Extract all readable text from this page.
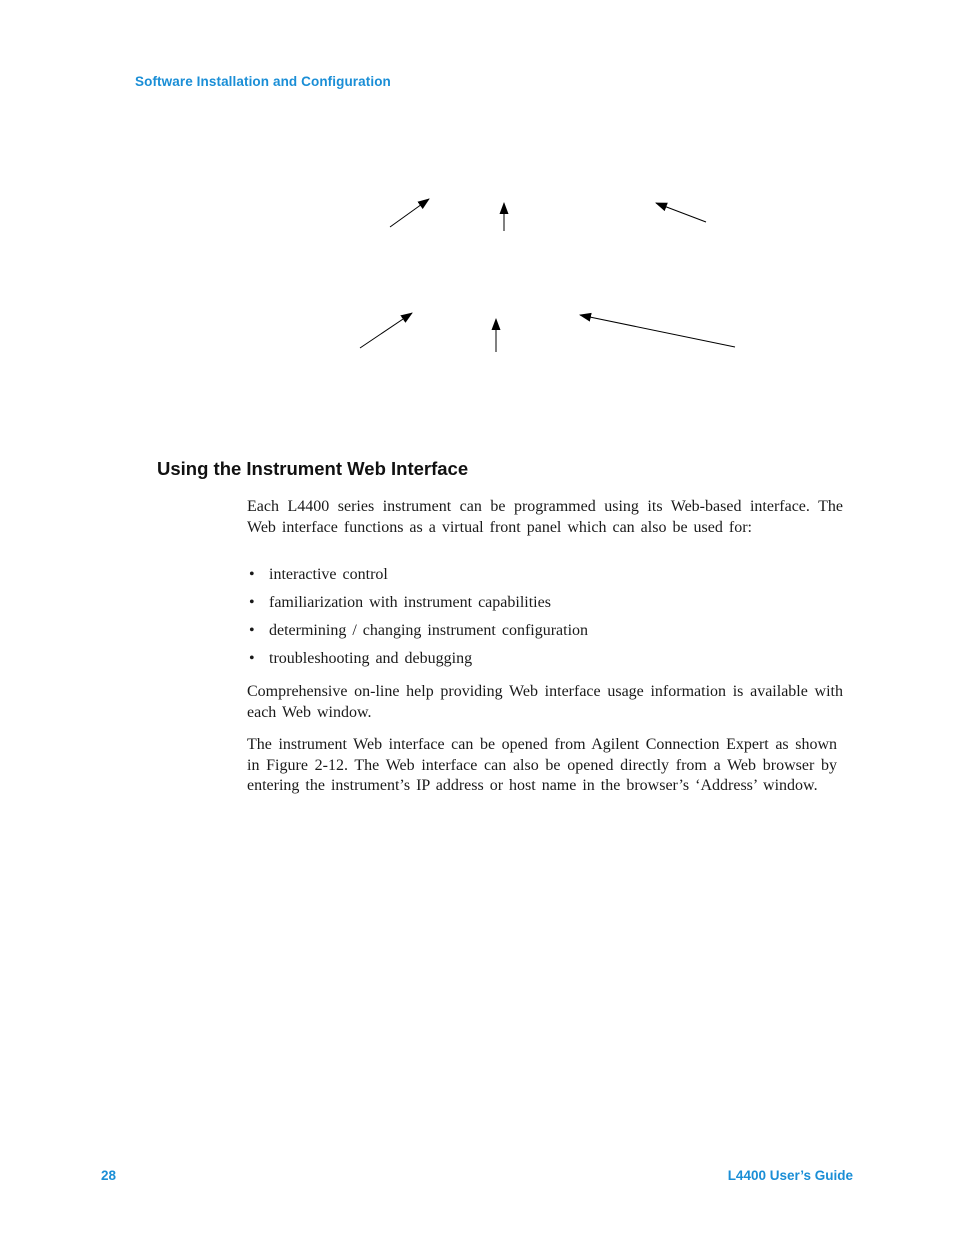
Software Installation and Configuration
Using the Instrument Web Interface

Each L4400 series instrument can be programmed using its Web-based interface. The Web interface functions as a virtual front panel which can also be used for:

• interactive control
• familiarization with instrument capabilities
• determining / changing instrument configuration
• troubleshooting and debugging

Comprehensive on-line help providing Web interface usage information is available with each Web window.

The instrument Web interface can be opened from Agilent Connection Expert as shown in Figure 2-12. The Web interface can also be opened directly from a Web browser by entering the instrument’s IP address or host name in the browser’s ‘Address’ window.

28	L4400 User’s Guide
